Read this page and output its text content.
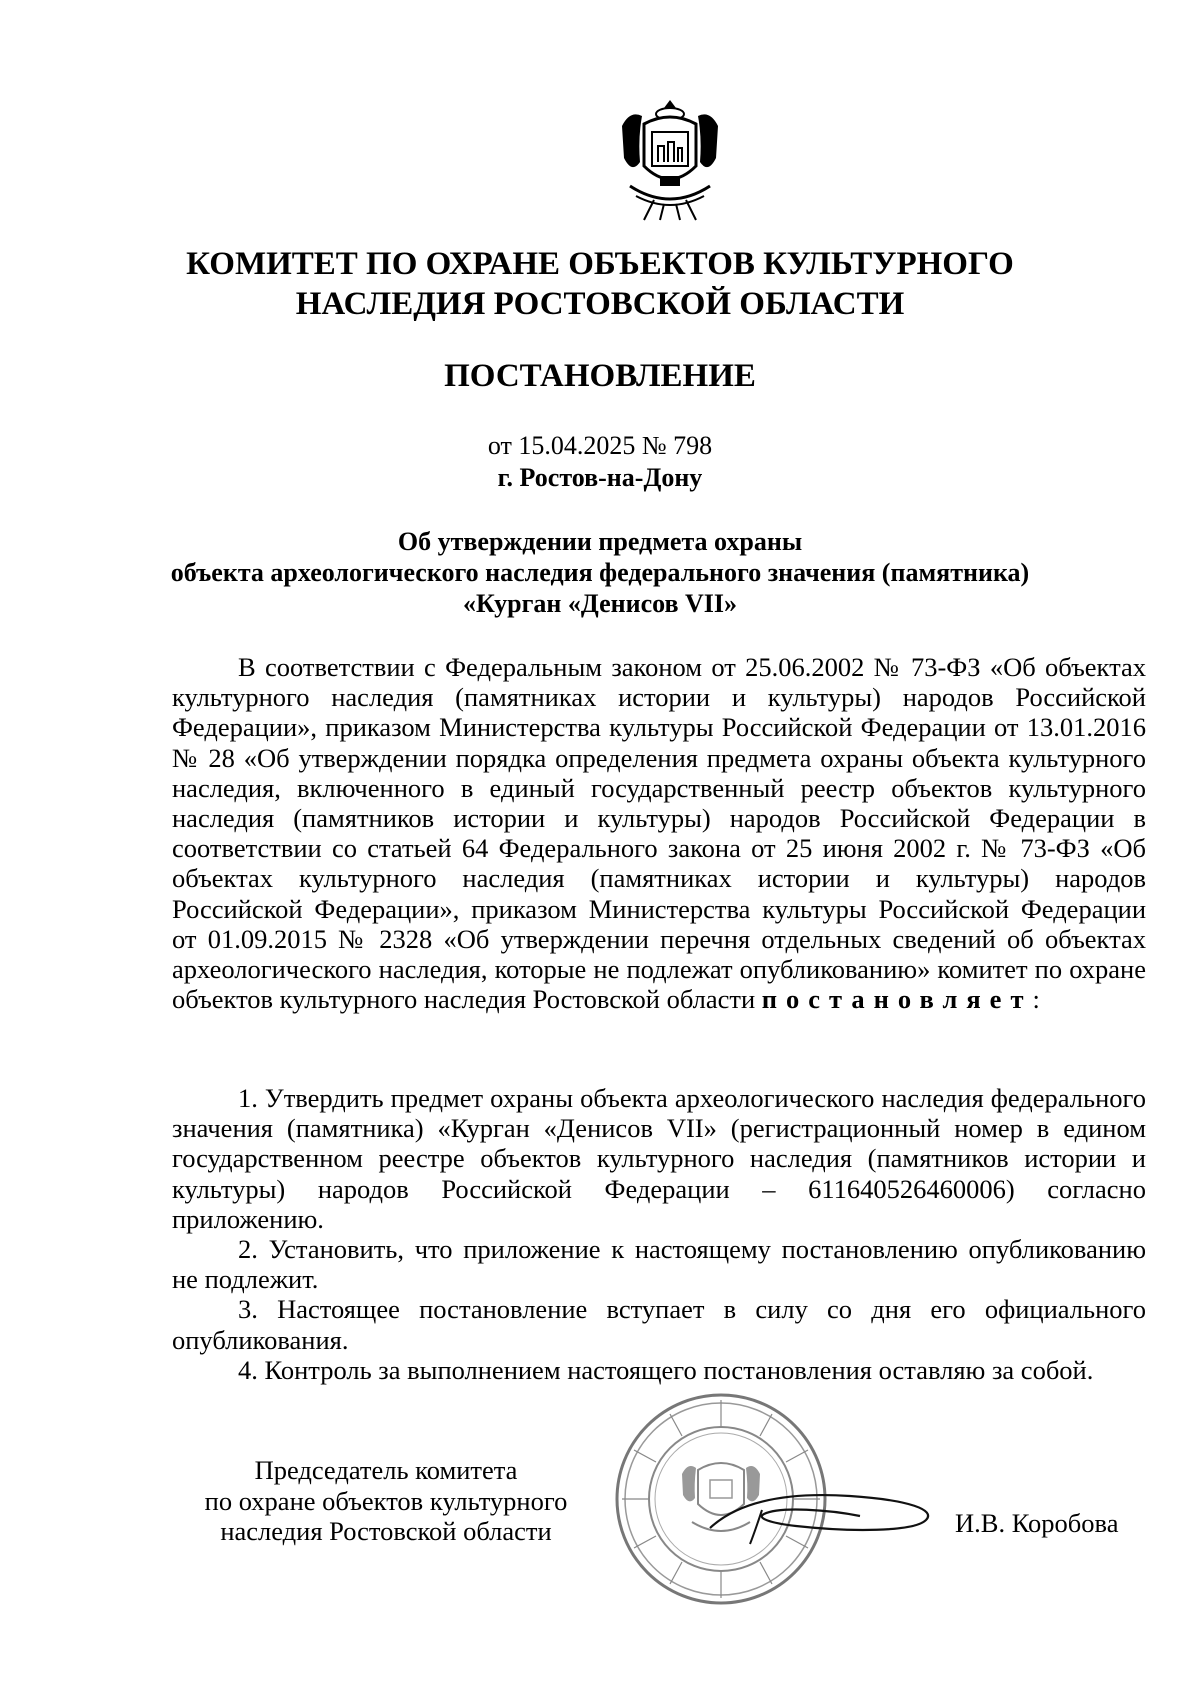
КОМИТЕТ ПО ОХРАНЕ ОБЪЕКТОВ КУЛЬТУРНОГО
НАСЛЕДИЯ РОСТОВСКОЙ ОБЛАСТИ
ПОСТАНОВЛЕНИЕ
от 15.04.2025 № 798
г. Ростов-на-Дону
Об утверждении предмета охраны
объекта археологического наследия федерального значения (памятника)
«Курган «Денисов VII»

В соответствии с Федеральным законом от 25.06.2002 № 73-ФЗ «Об объектах культурного наследия (памятниках истории и культуры) народов Российской Федерации», приказом Министерства культуры Российской Федерации от 13.01.2016 № 28 «Об утверждении порядка определения предмета охраны объекта культурного наследия, включенного в единый государственный реестр объектов культурного наследия (памятников истории и культуры) народов Российской Федерации в соответствии со статьей 64 Федерального закона от 25 июня 2002 г. № 73-ФЗ «Об объектах культурного наследия (памятниках истории и культуры) народов Российской Федерации», приказом Министерства культуры Российской Федерации от 01.09.2015 № 2328 «Об утверждении перечня отдельных сведений об объектах археологического наследия, которые не подлежат опубликованию» комитет по охране объектов культурного наследия Ростовской области постановляет:

1. Утвердить предмет охраны объекта археологического наследия федерального значения (памятника) «Курган «Денисов VII» (регистрационный номер в едином государственном реестре объектов культурного наследия (памятников истории и культуры) народов Российской Федерации – 611640526460006) согласно приложению.

2. Установить, что приложение к настоящему постановлению опубликованию не подлежит.

3. Настоящее постановление вступает в силу со дня его официального опубликования.

4. Контроль за выполнением настоящего постановления оставляю за собой.

Председатель комитета
по охране объектов культурного
наследия Ростовской области	И.В. Коробова
